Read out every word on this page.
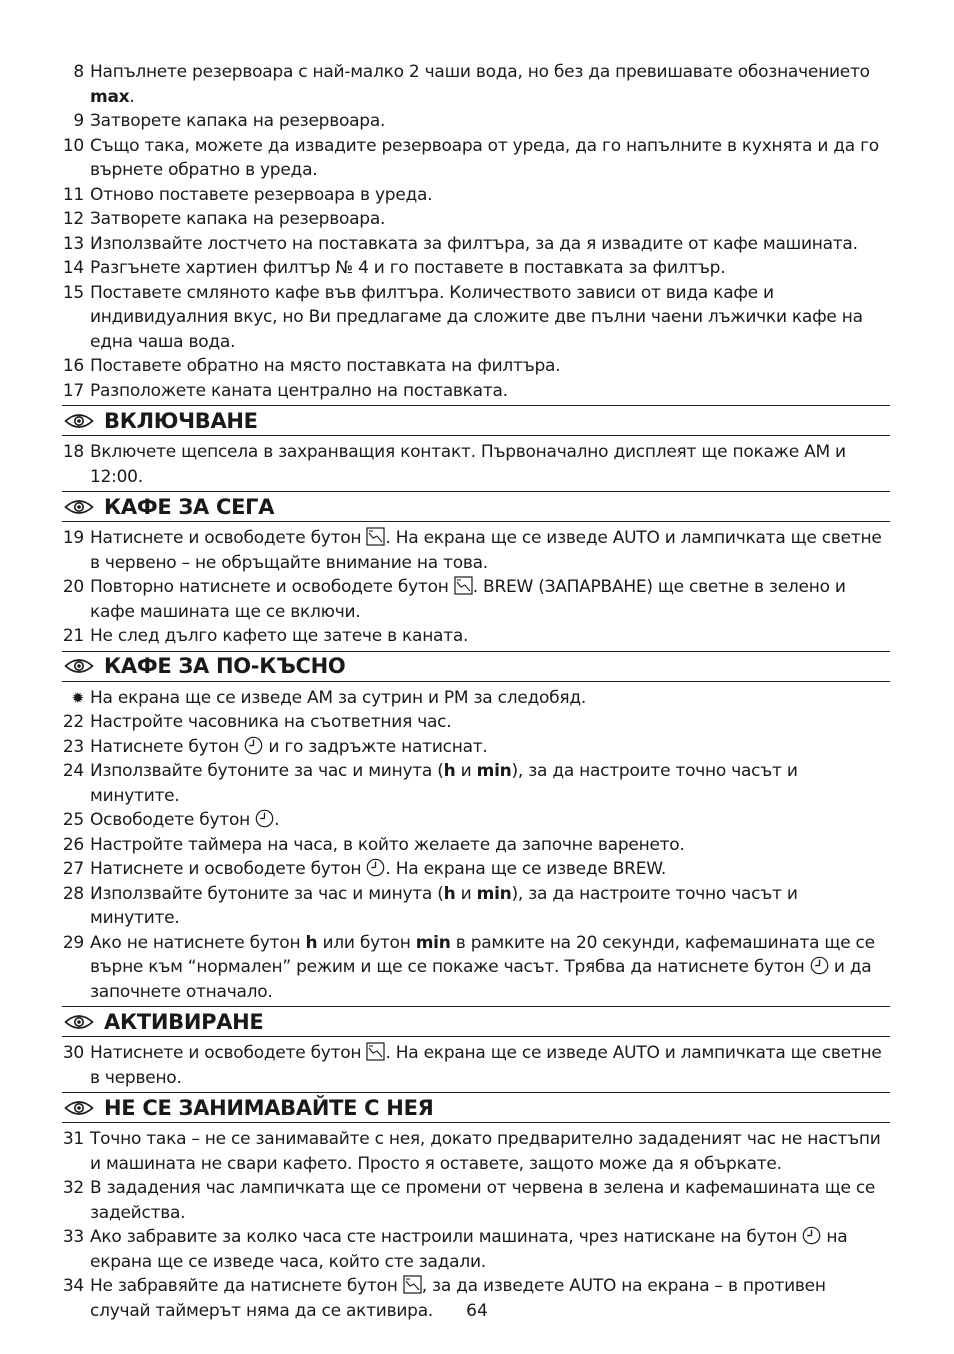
8 Напълнете резервоара с най-малко 2 чаши вода, но без да превишавате обозначението max.
9 Затворете капака на резервоара.
10 Също така, можете да извадите резервоара от уреда, да го напълните в кухнята и да го върнете обратно в уреда.
11 Отново поставете резервоара в уреда.
12 Затворете капака на резервоара.
13 Използвайте лостчето на поставката за филтъра, за да я извадите от кафе машината.
14 Разгънете хартиен филтър № 4 и го поставете в поставката за филтър.
15 Поставете смляното кафе във филтъра. Количеството зависи от вида кафе и индивидуалния вкус, но Ви предлагаме да сложите две пълни чаени лъжички кафе на една чаша вода.
16 Поставете обратно на място поставката на филтъра.
17 Разположете каната централно на поставката.
ВКЛЮЧВАНЕ
18 Включете щепсела в захранващия контакт. Първоначално дисплеят ще покаже AM и 12:00.
КАФЕ ЗА СЕГА
19 Натиснете и освободете бутон . На екрана ще се изведе AUTO и лампичката ще светне в червено – не обръщайте внимание на това.
20 Повторно натиснете и освободете бутон . BREW (ЗАПАРВАНЕ) ще светне в зелено и кафе машината ще се включи.
21 Не след дълго кафето ще затече в каната.
КАФЕ ЗА ПО-КЪСНО
✹ На екрана ще се изведе AM за сутрин и PM за следобяд.
22 Настройте часовника на съответния час.
23 Натиснете бутон  и го задръжте натиснат.
24 Използвайте бутоните за час и минута (h и min), за да настроите точно часът и минутите.
25 Освободете бутон .
26 Настройте таймера на часа, в който желаете да започне варенето.
27 Натиснете и освободете бутон . На екрана ще се изведе BREW.
28 Използвайте бутоните за час и минута (h и min), за да настроите точно часът и минутите.
29 Ако не натиснете бутон h или бутон min в рамките на 20 секунди, кафемашината ще се върне към “нормален” режим и ще се покаже часът. Трябва да натиснете бутон  и да започнете отначало.
АКТИВИРАНЕ
30 Натиснете и освободете бутон . На екрана ще се изведе AUTO и лампичката ще светне в червено.
НЕ СЕ ЗАНИМАВАЙТЕ С НЕЯ
31 Точно така – не се занимавайте с нея, докато предварително зададеният час не настъпи и машината не свари кафето. Просто я оставете, защото може да я объркате.
32 В зададения час лампичката ще се промени от червена в зелена и кафемашината ще се задейства.
33 Ако забравите за колко часа сте настроили машината, чрез натискане на бутон  на екрана ще се изведе часа, който сте задали.
34 Не забравяйте да натиснете бутон , за да изведете AUTO на екрана – в противен случай таймерът няма да се активира.	64
